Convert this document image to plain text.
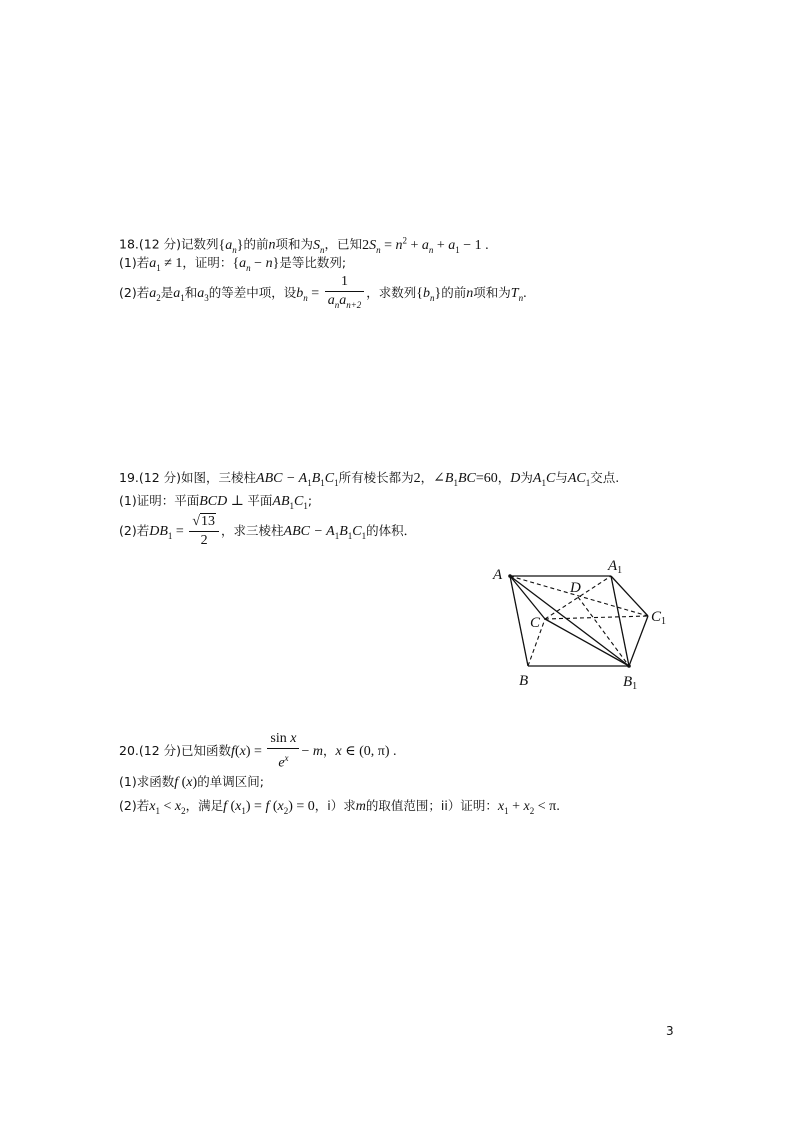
18.(12 分)记数列$\{a_n\}$的前n项和为$S_n$，已知$2S_n = n^2 + a_n + a_1 - 1$ .
(1)若$a_1 \ne 1$，证明：$\{a_n - n\}$是等比数列;
(2)若$a_2$是$a_1$和$a_3$的等差中项，设$b_n = \frac{1}{a_na_{n+2}}$ ，求数列$\{b_n\}$的前n项和为$T_n$.
19.(12 分)如图，三棱柱ABC − $A_1B_1C_1$所有棱长都为2，$\angle B_1BC=60$，D为$A_1C$与$AC_1$交点.
(1)证明：平面BCD ⊥ 平面$AB_1C_1$;
(2)若$DB_1 = \frac{√13}{2}$ ，求三棱柱ABC − $A_1B_1C_1$的体积．
A
$A_1$
D
C	$C_1$
B	$B_1$
20.(12 分)已知函数$f(x) = \frac{\text{sin x}}{e^x} - m$，x ∈ (0, π) .
(1)求函数f (x)的单调区间;
(2)若$x_1 < x_2$，满足f $(x_1) = f$ $(x_2) = 0$，i）求m的取值范围；ii）证明：$x_1 + x_2 < \pi$.
3
